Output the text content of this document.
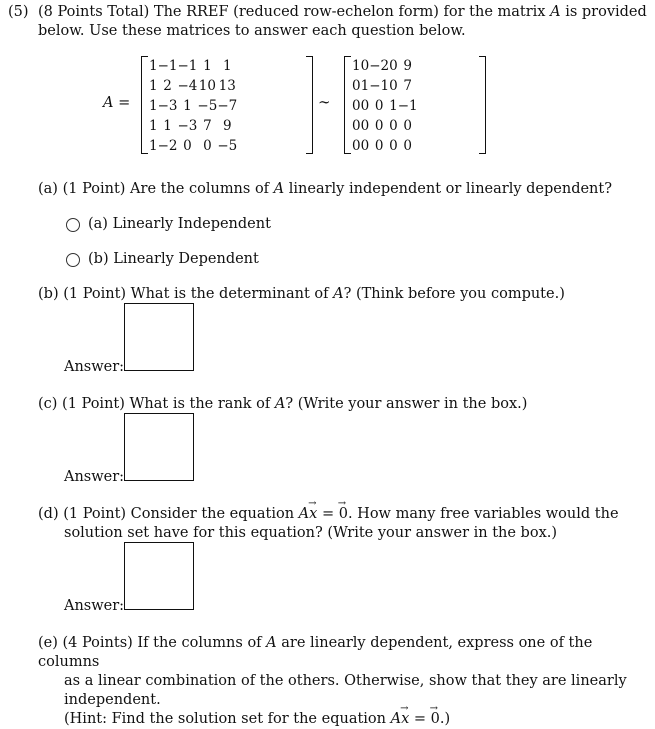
(5) (8 Points Total) The RREF (reduced row-echelon form) for the matrix A is provided
below. Use these matrices to answer each question below.
A =
1	−1	−1	1	1
1	2	−4	10	13
1	−3	1	−5	−7
1	1	−3	7	9
1	−2	0	0	−5
∼
1	0	−2	0	9
0	1	−1	0	7
0	0	0	1	−1
0	0	0	0	0
0	0	0	0	0
(a) (1 Point) Are the columns of A linearly independent or linearly dependent?
(a) Linearly Independent
(b) Linearly Dependent
(b) (1 Point) What is the determinant of A? (Think before you compute.)
Answer:
(c) (1 Point) What is the rank of A? (Write your answer in the box.)
Answer:
(d) (1 Point) Consider the equation Ax → = 0 →. How many free variables would the
solution set have for this equation? (Write your answer in the box.)
Answer:
(e) (4 Points) If the columns of A are linearly dependent, express one of the columns
as a linear combination of the others. Otherwise, show that they are linearly
independent.
(Hint: Find the solution set for the equation Ax → = 0 →.)
